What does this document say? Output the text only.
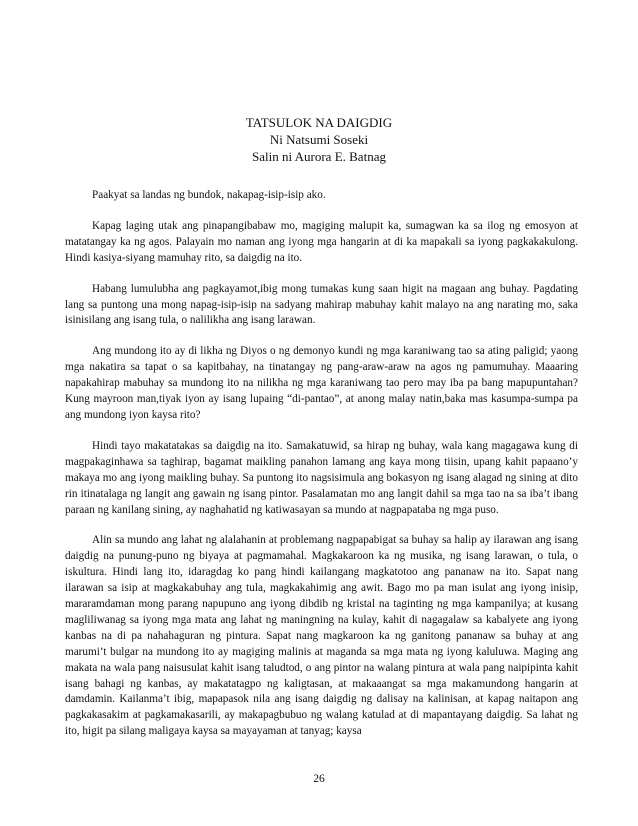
TATSULOK NA DAIGDIG
Ni Natsumi Soseki
Salin ni Aurora E. Batnag

Paakyat sa landas ng bundok, nakapag-isip-isip ako.

Kapag laging utak ang pinapangibabaw mo, magiging malupit ka, sumagwan ka sa ilog ng emosyon at matatangay ka ng agos. Palayain mo naman ang iyong mga hangarin at di ka mapakali sa iyong pagkakakulong. Hindi kasiya-siyang mamuhay rito, sa daigdig na ito.

Habang lumulubha ang pagkayamot,ibig mong tumakas kung saan higit na magaan ang buhay. Pagdating lang sa puntong una mong napag-isip-isip na sadyang mahirap mabuhay kahit malayo na ang narating mo, saka isinisilang ang isang tula, o nalilikha ang isang larawan.

Ang mundong ito ay di likha ng Diyos o ng demonyo kundi ng mga karaniwang tao sa ating paligid; yaong mga nakatira sa tapat o sa kapitbahay, na tinatangay ng pang-araw-araw na agos ng pamumuhay. Maaaring napakahirap mabuhay sa mundong ito na nilikha ng mga karaniwang tao pero may iba pa bang mapupuntahan? Kung mayroon man,tiyak iyon ay isang lupaing “di-pantao”, at anong malay natin,baka mas kasumpa-sumpa pa ang mundong iyon kaysa rito?

Hindi tayo makatatakas sa daigdig na ito. Samakatuwid, sa hirap ng buhay, wala kang magagawa kung di magpakaginhawa sa taghirap, bagamat maikling panahon lamang ang kaya mong tiisin, upang kahit papaano’y makaya mo ang iyong maikling buhay. Sa puntong ito nagsisimula ang bokasyon ng isang alagad ng sining at dito rin itinatalaga ng langit ang gawain ng isang pintor. Pasalamatan mo ang langit dahil sa mga tao na sa iba’t ibang paraan ng kanilang sining, ay naghahatid ng katiwasayan sa mundo at nagpapataba ng mga puso.

Alin sa mundo ang lahat ng alalahanin at problemang nagpapabigat sa buhay sa halip ay ilarawan ang isang daigdig na punung-puno ng biyaya at pagmamahal. Magkakaroon ka ng musika, ng isang larawan, o tula, o iskultura. Hindi lang ito, idaragdag ko pang hindi kailangang magkatotoo ang pananaw na ito. Sapat nang ilarawan sa isip at magkakabuhay ang tula, magkakahimig ang awit. Bago mo pa man isulat ang iyong inisip, mararamdaman mong parang napupuno ang iyong dibdib ng kristal na taginting ng mga kampanilya; at kusang magliliwanag sa iyong mga mata ang lahat ng maningning na kulay, kahit di nagagalaw sa kabalyete ang iyong kanbas na di pa nahahaguran ng pintura. Sapat nang magkaroon ka ng ganitong pananaw sa buhay at ang marumi’t bulgar na mundong ito ay magiging malinis at maganda sa mga mata ng iyong kaluluwa. Maging ang makata na wala pang naisusulat kahit isang taludtod, o ang pintor na walang pintura at wala pang naipipinta kahit isang bahagi ng kanbas, ay makatatagpo ng kaligtasan, at makaaangat sa mga makamundong hangarin at damdamin. Kailanma’t ibig, mapapasok nila ang isang daigdig ng dalisay na kalinisan, at kapag naitapon ang pagkakasakim at pagkamakasarili, ay makapagbubuo ng walang katulad at di mapantayang daigdig. Sa lahat ng ito, higit pa silang maligaya kaysa sa mayayaman at tanyag; kaysa

26
